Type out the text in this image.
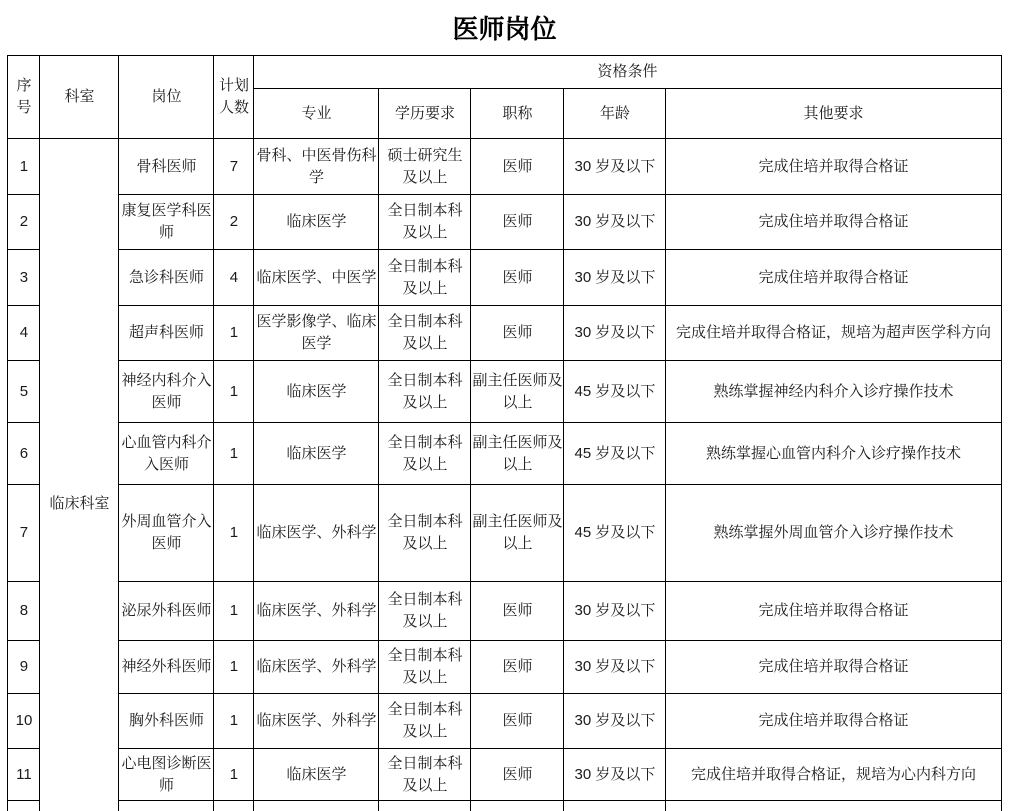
医师岗位
序号	科室	岗位	计划人数	资格条件				
				专业	学历要求	职称	年龄	其他要求
1	临床科室	骨科医师	7	骨科、中医骨伤科学	硕士研究生及以上	医师	30 岁及以下	完成住培并取得合格证
2		康复医学科医师	2	临床医学	全日制本科及以上	医师	30 岁及以下	完成住培并取得合格证
3		急诊科医师	4	临床医学、中医学	全日制本科及以上	医师	30 岁及以下	完成住培并取得合格证
4		超声科医师	1	医学影像学、临床医学	全日制本科及以上	医师	30 岁及以下	完成住培并取得合格证，规培为超声医学科方向
5		神经内科介入医师	1	临床医学	全日制本科及以上	副主任医师及以上	45 岁及以下	熟练掌握神经内科介入诊疗操作技术
6		心血管内科介入医师	1	临床医学	全日制本科及以上	副主任医师及以上	45 岁及以下	熟练掌握心血管内科介入诊疗操作技术
7		外周血管介入医师	1	临床医学、外科学	全日制本科及以上	副主任医师及以上	45 岁及以下	熟练掌握外周血管介入诊疗操作技术
8		泌尿外科医师	1	临床医学、外科学	全日制本科及以上	医师	30 岁及以下	完成住培并取得合格证
9		神经外科医师	1	临床医学、外科学	全日制本科及以上	医师	30 岁及以下	完成住培并取得合格证
10		胸外科医师	1	临床医学、外科学	全日制本科及以上	医师	30 岁及以下	完成住培并取得合格证
11		心电图诊断医师	1	临床医学	全日制本科及以上	医师	30 岁及以下	完成住培并取得合格证，规培为心内科方向
